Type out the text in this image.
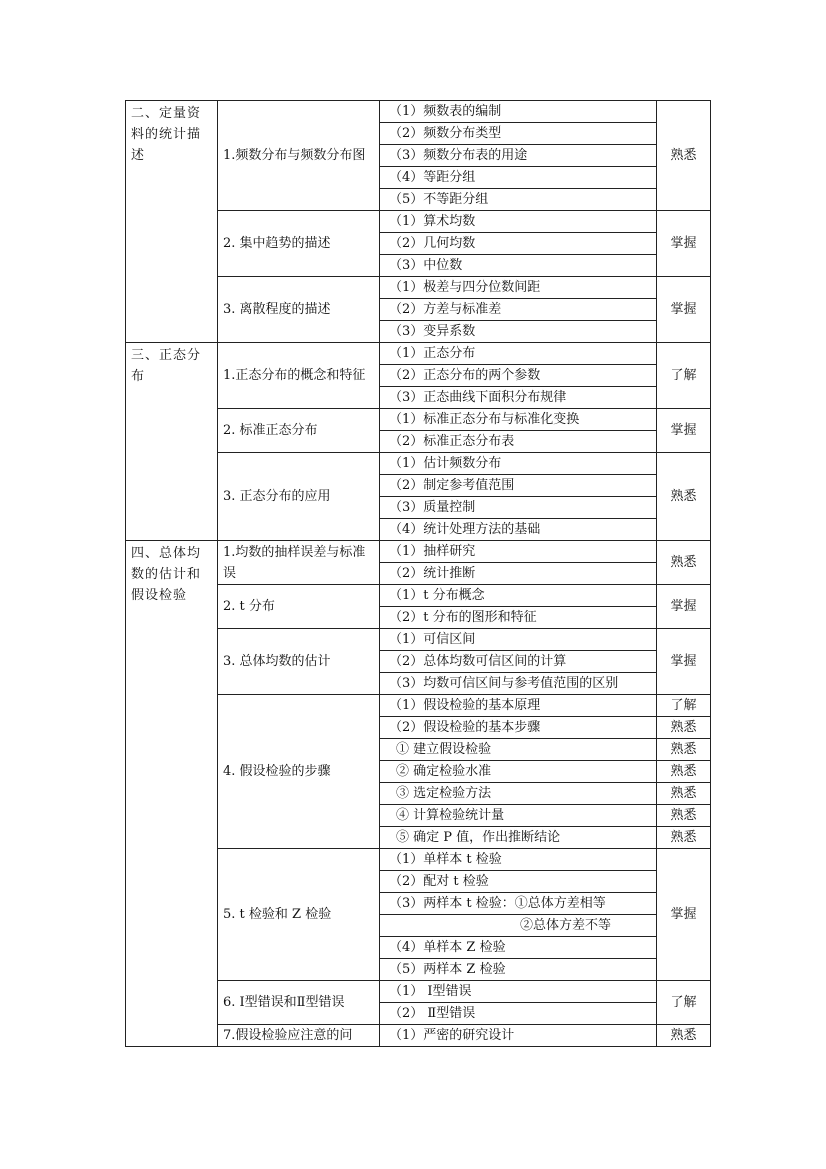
二、定量资料的统计描述	1.频数分布与频数分布图	（1）频数表的编制	熟悉
		（2）频数分布类型	
		（3）频数分布表的用途	
		（4）等距分组	
		（5）不等距分组	
	2. 集中趋势的描述	（1）算术均数	掌握
		（2）几何均数	
		（3）中位数	
	3. 离散程度的描述	（1）极差与四分位数间距	掌握
		（2）方差与标准差	
		（3）变异系数	
三、正态分布	1.正态分布的概念和特征	（1）正态分布	了解
		（2）正态分布的两个参数	
		（3）正态曲线下面积分布规律	
	2. 标准正态分布	（1）标准正态分布与标准化变换	掌握
		（2）标准正态分布表	
	3. 正态分布的应用	（1）估计频数分布	熟悉
		（2）制定参考值范围	
		（3）质量控制	
		（4）统计处理方法的基础	
四、总体均数的估计和假设检验	1.均数的抽样误差与标准误	（1）抽样研究	熟悉
		（2）统计推断	
	2. t 分布	（1）t 分布概念	掌握
		（2）t 分布的图形和特征	
	3. 总体均数的估计	（1）可信区间	掌握
		（2）总体均数可信区间的计算	
		（3）均数可信区间与参考值范围的区别	
	4. 假设检验的步骤	（1）假设检验的基本原理	了解
		（2）假设检验的基本步骤	熟悉
		① 建立假设检验	熟悉
		② 确定检验水准	熟悉
		③ 选定检验方法	熟悉
		④ 计算检验统计量	熟悉
		⑤ 确定 P 值，作出推断结论	熟悉
	5. t 检验和 Z 检验	（1）单样本 t 检验	掌握
		（2）配对 t 检验	
		（3）两样本 t 检验：①总体方差相等	
		②总体方差不等	
		（4）单样本 Z 检验	
		（5）两样本 Z 检验	
	6. Ⅰ型错误和Ⅱ型错误	（1） Ⅰ型错误	了解
		（2） Ⅱ型错误	
	7.假设检验应注意的问	（1）严密的研究设计	熟悉
